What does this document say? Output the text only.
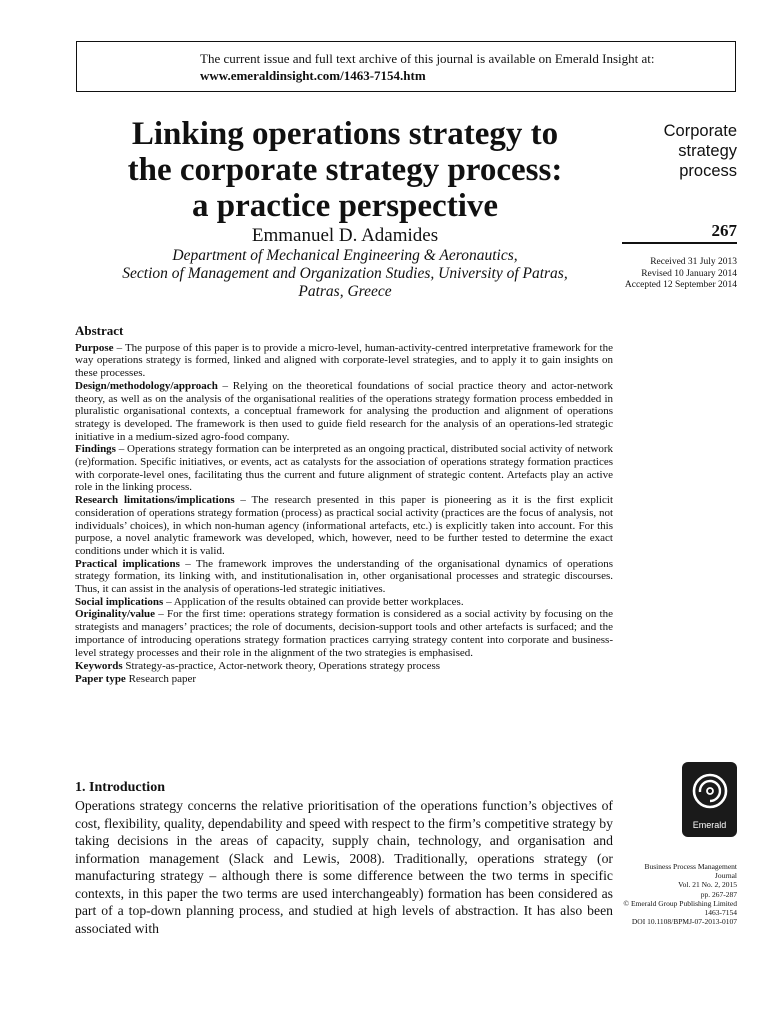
The current issue and full text archive of this journal is available on Emerald Insight at:
www.emeraldinsight.com/1463-7154.htm
Linking operations strategy to
the corporate strategy process:
a practice perspective
Emmanuel D. Adamides
Department of Mechanical Engineering & Aeronautics,
Section of Management and Organization Studies, University of Patras,
Patras, Greece
Corporate
strategy
process
267
Received 31 July 2013
Revised 10 January 2014
Accepted 12 September 2014
Abstract

Purpose – The purpose of this paper is to provide a micro-level, human-activity-centred interpretative framework for the way operations strategy is formed, linked and aligned with corporate-level strategies, and to apply it to gain insights on these processes.

Design/methodology/approach – Relying on the theoretical foundations of social practice theory and actor-network theory, as well as on the analysis of the organisational realities of the operations strategy formation process embedded in pluralistic organisational contexts, a conceptual framework for analysing the production and alignment of operations strategy is developed. The framework is then used to guide field research for the analysis of an operations-led strategic initiative in a medium-sized agro-food company.

Findings – Operations strategy formation can be interpreted as an ongoing practical, distributed social activity of network (re)formation. Specific initiatives, or events, act as catalysts for the association of operations strategy formation practices with corporate-level ones, facilitating thus the current and future alignment of strategic content. Artefacts play an active role in the linking process.

Research limitations/implications – The research presented in this paper is pioneering as it is the first explicit consideration of operations strategy formation (process) as practical social activity (practices are the focus of analysis, not individuals’ choices), in which non-human agency (informational artefacts, etc.) is explicitly taken into account. For this purpose, a novel analytic framework was developed, which, however, need to be further tested to determine the exact conditions under which it is valid.

Practical implications – The framework improves the understanding of the organisational dynamics of operations strategy formation, its linking with, and institutionalisation in, other organisational processes and strategic discourses. Thus, it can assist in the analysis of operations-led strategic initiatives.

Social implications – Application of the results obtained can provide better workplaces.

Originality/value – For the first time: operations strategy formation is considered as a social activity by focusing on the strategists and managers’ practices; the role of documents, decision-support tools and other artefacts is surfaced; and the importance of introducing operations strategy formation practices carrying strategy content into corporate and business-level strategy processes and their role in the alignment of the two strategies is emphasised.

Keywords Strategy-as-practice, Actor-network theory, Operations strategy process

Paper type Research paper

1. Introduction
Operations strategy concerns the relative prioritisation of the operations function’s objectives of cost, flexibility, quality, dependability and speed with respect to the firm’s competitive strategy by taking decisions in the areas of capacity, supply chain, technology, and organisation and information management (Slack and Lewis, 2008). Traditionally, operations strategy (or manufacturing strategy – although there is some difference between the two terms in specific contexts, in this paper the two terms are used interchangeably) formation has been considered as part of a top-down planning process, and studied at high levels of abstraction. It has also been associated with
Emerald
Business Process Management
Journal
Vol. 21 No. 2, 2015
pp. 267-287
© Emerald Group Publishing Limited
1463-7154
DOI 10.1108/BPMJ-07-2013-0107
